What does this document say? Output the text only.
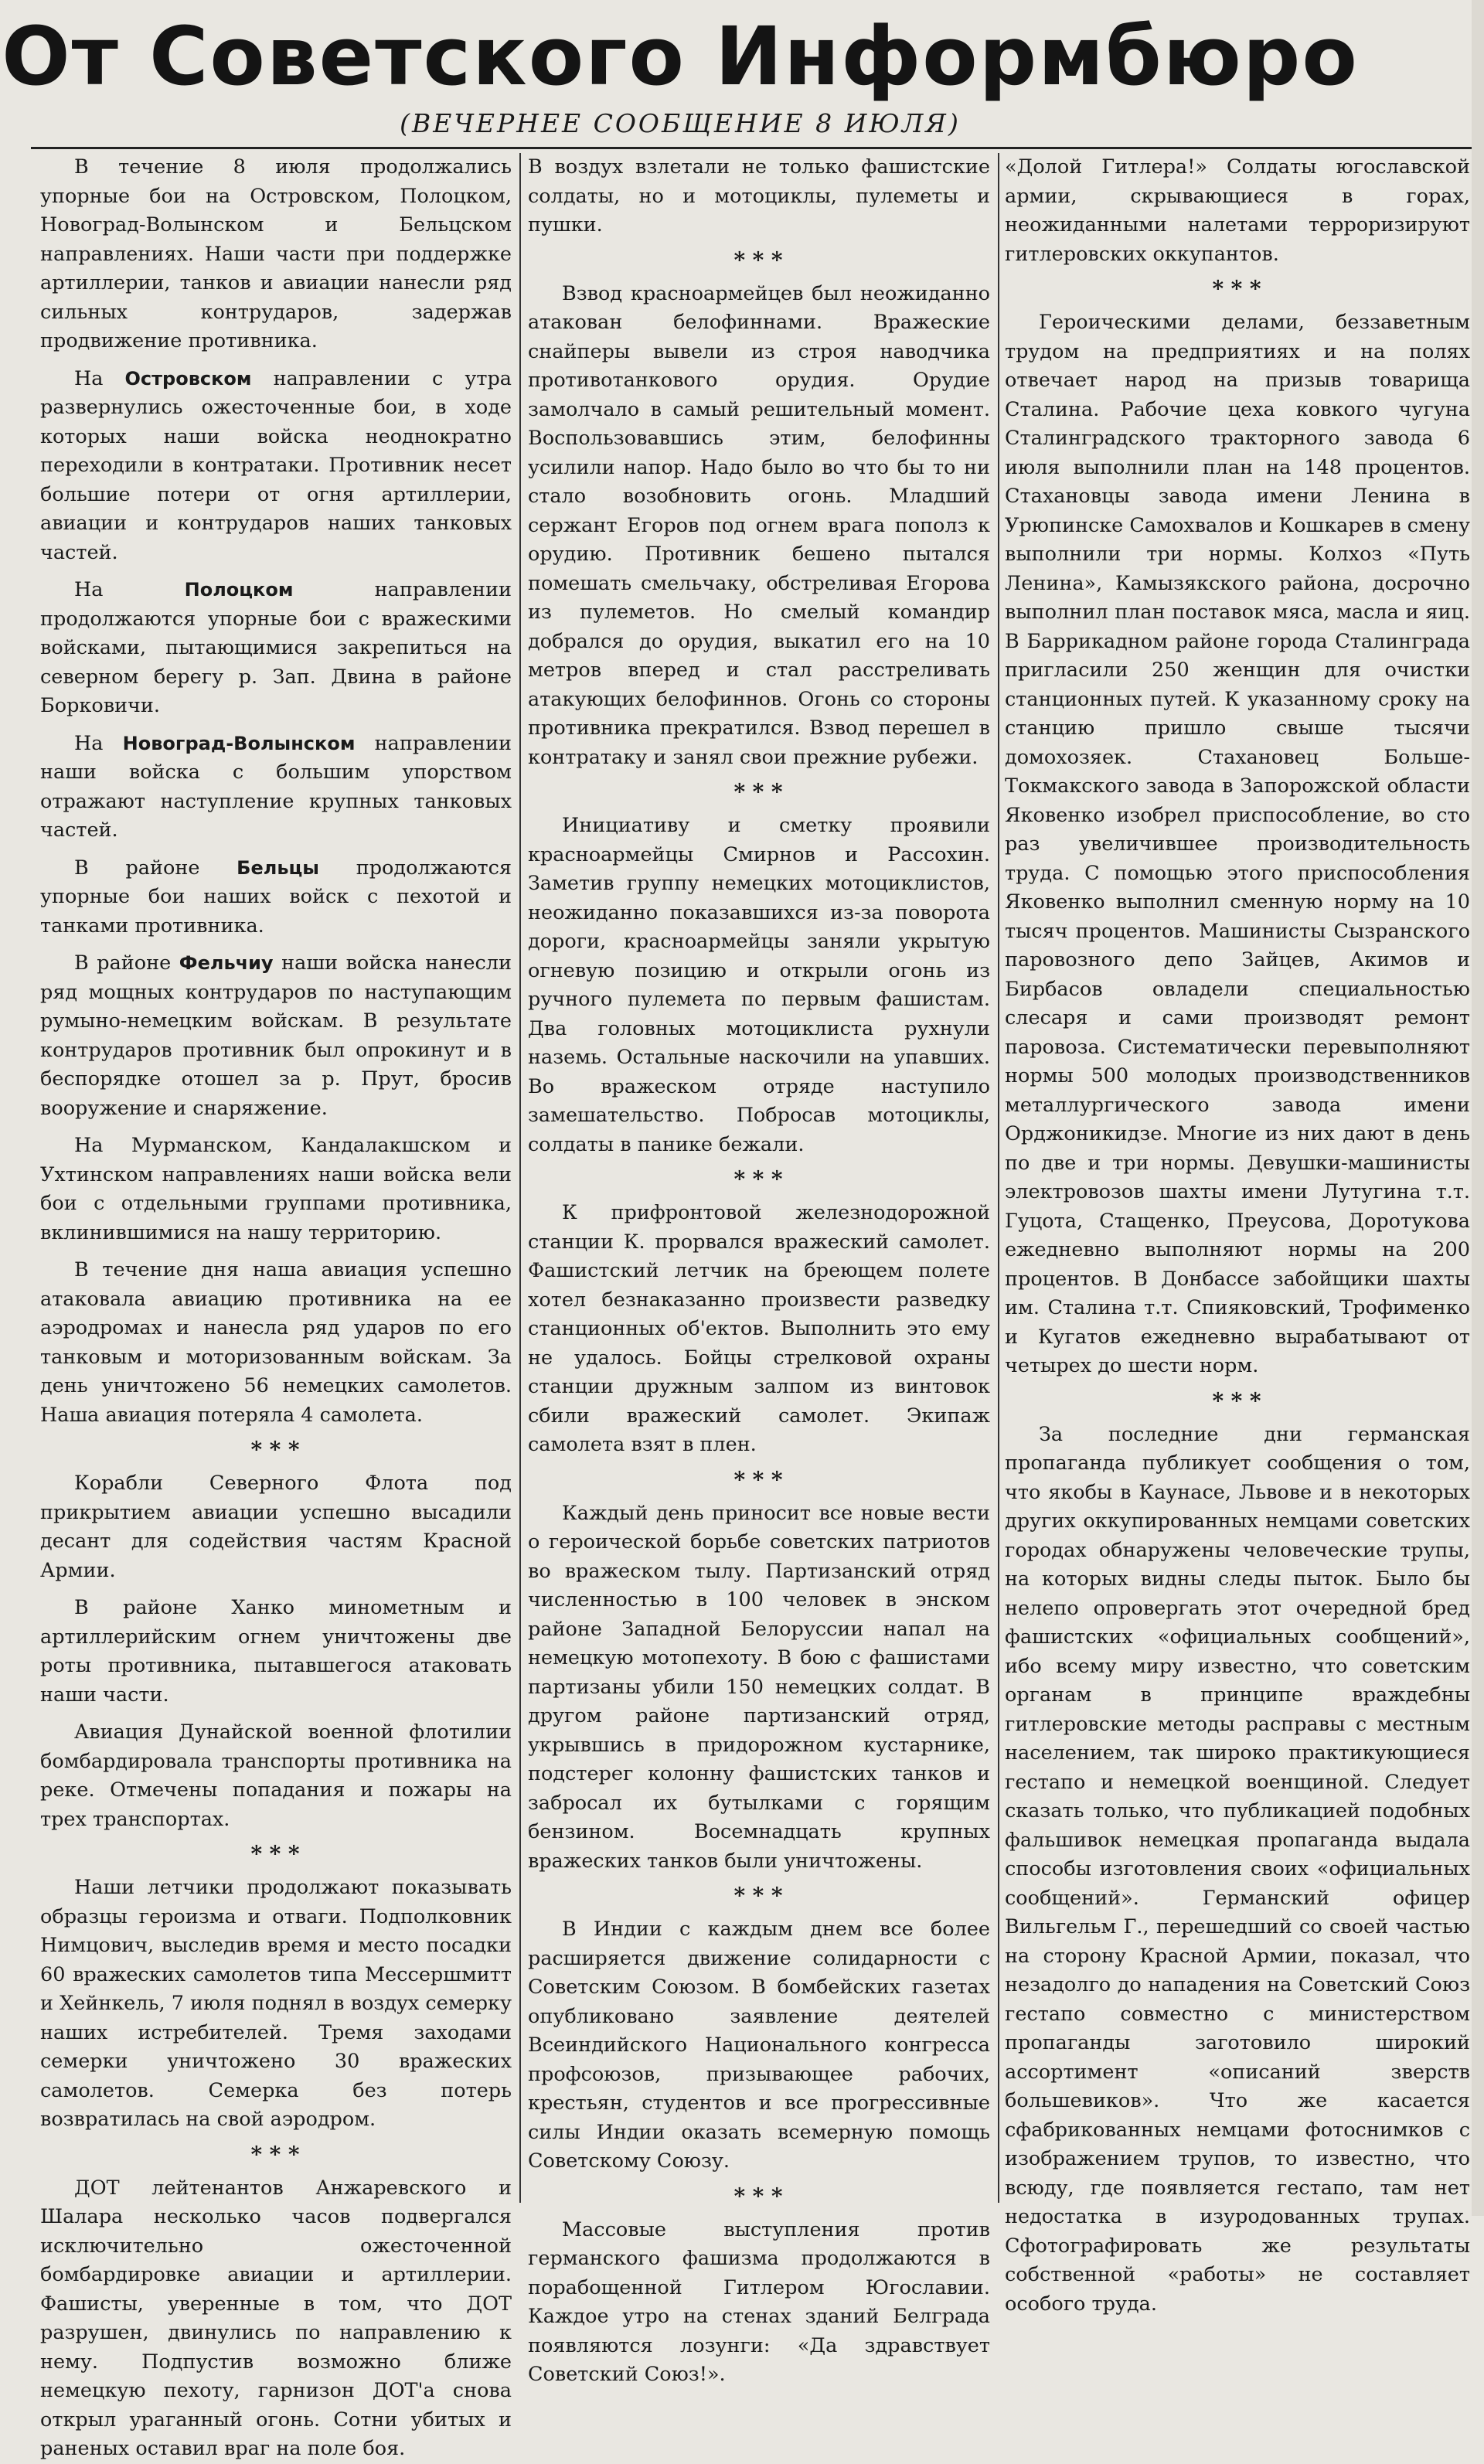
От Советского Информбюро
(ВЕЧЕРНЕЕ СООБЩЕНИЕ 8 ИЮЛЯ)

В течение 8 июля продолжались упорные бои на Островском, Полоцком, Новоград-Волынском и Бельцском направлениях. Наши части при поддержке артиллерии, танков и авиации нанесли ряд сильных контрударов, задержав продвижение противника.

На Островском направлении с утра развернулись ожесточенные бои, в ходе которых наши войска неоднократно переходили в контратаки. Противник несет большие потери от огня артиллерии, авиации и контрударов наших танковых частей.

На Полоцком направлении продолжаются упорные бои с вражескими войсками, пытающимися закрепиться на северном берегу р. Зап. Двина в районе Борковичи.

На Новоград-Волынском направлении наши войска с большим упорством отражают наступление крупных танковых частей.

В районе Бельцы продолжаются упорные бои наших войск с пехотой и танками противника.

В районе Фельчиу наши войска нанесли ряд мощных контрударов по наступающим румыно-немецким войскам. В результате контрударов противник был опрокинут и в беспорядке отошел за р. Прут, бросив вооружение и снаряжение.

На Мурманском, Кандалакшском и Ухтинском направлениях наши войска вели бои с отдельными группами противника, вклинившимися на нашу территорию.

В течение дня наша авиация успешно атаковала авиацию противника на ее аэродромах и нанесла ряд ударов по его танковым и моторизованным войскам. За день уничтожено 56 немецких самолетов. Наша авиация потеряла 4 самолета.

* * *

Корабли Северного Флота под прикрытием авиации успешно высадили десант для содействия частям Красной Армии.

В районе Ханко минометным и артиллерийским огнем уничтожены две роты противника, пытавшегося атаковать наши части.

Авиация Дунайской военной флотилии бомбардировала транспорты противника на реке. Отмечены попадания и пожары на трех транспортах.

* * *

Наши летчики продолжают показывать образцы героизма и отваги. Подполковник Нимцович, выследив время и место посадки 60 вражеских самолетов типа Мессершмитт и Хейнкель, 7 июля поднял в воздух семерку наших истребителей. Тремя заходами семерки уничтожено 30 вражеских самолетов. Семерка без потерь возвратилась на свой аэродром.

* * *

ДОТ лейтенантов Анжаревского и Шалара несколько часов подвергался исключительно ожесточенной бомбардировке авиации и артиллерии. Фашисты, уверенные в том, что ДОТ разрушен, двинулись по направлению к нему. Подпустив возможно ближе немецкую пехоту, гарнизон ДОТ'а снова открыл ураганный огонь. Сотни убитых и раненых оставил враг на поле боя.

В воздух взлетали не только фашистские солдаты, но и мотоциклы, пулеметы и пушки.

* * *

Взвод красноармейцев был неожиданно атакован белофиннами. Вражеские снайперы вывели из строя наводчика противотанкового орудия. Орудие замолчало в самый решительный момент. Воспользовавшись этим, белофинны усилили напор. Надо было во что бы то ни стало возобновить огонь. Младший сержант Егоров под огнем врага пополз к орудию. Противник бешено пытался помешать смельчаку, обстреливая Егорова из пулеметов. Но смелый командир добрался до орудия, выкатил его на 10 метров вперед и стал расстреливать атакующих белофиннов. Огонь со стороны противника прекратился. Взвод перешел в контратаку и занял свои прежние рубежи.

* * *

Инициативу и сметку проявили красноармейцы Смирнов и Рассохин. Заметив группу немецких мотоциклистов, неожиданно показавшихся из-за поворота дороги, красноармейцы заняли укрытую огневую позицию и открыли огонь из ручного пулемета по первым фашистам. Два головных мотоциклиста рухнули наземь. Остальные наскочили на упавших. Во вражеском отряде наступило замешательство. Побросав мотоциклы, солдаты в панике бежали.

* * *

К прифронтовой железнодорожной станции К. прорвался вражеский самолет. Фашистский летчик на бреющем полете хотел безнаказанно произвести разведку станционных об'ектов. Выполнить это ему не удалось. Бойцы стрелковой охраны станции дружным залпом из винтовок сбили вражеский самолет. Экипаж самолета взят в плен.

* * *

Каждый день приносит все новые вести о героической борьбе советских патриотов во вражеском тылу. Партизанский отряд численностью в 100 человек в энском районе Западной Белоруссии напал на немецкую мотопехоту. В бою с фашистами партизаны убили 150 немецких солдат. В другом районе партизанский отряд, укрывшись в придорожном кустарнике, подстерег колонну фашистских танков и забросал их бутылками с горящим бензином. Восемнадцать крупных вражеских танков были уничтожены.

* * *

В Индии с каждым днем все более расширяется движение солидарности с Советским Союзом. В бомбейских газетах опубликовано заявление деятелей Всеиндийского Национального конгресса профсоюзов, призывающее рабочих, крестьян, студентов и все прогрессивные силы Индии оказать всемерную помощь Советскому Союзу.

* * *

Массовые выступления против германского фашизма продолжаются в порабощенной Гитлером Югославии. Каждое утро на стенах зданий Белграда появляются лозунги: «Да здравствует Советский Союз!».

«Долой Гитлера!» Солдаты югославской армии, скрывающиеся в горах, неожиданными налетами терроризируют гитлеровских оккупантов.

* * *

Героическими делами, беззаветным трудом на предприятиях и на полях отвечает народ на призыв товарища Сталина. Рабочие цеха ковкого чугуна Сталинградского тракторного завода 6 июля выполнили план на 148 процентов. Стахановцы завода имени Ленина в Урюпинске Самохвалов и Кошкарев в смену выполнили три нормы. Колхоз «Путь Ленина», Камызякского района, досрочно выполнил план поставок мяса, масла и яиц. В Баррикадном районе города Сталинграда пригласили 250 женщин для очистки станционных путей. К указанному сроку на станцию пришло свыше тысячи домохозяек. Стахановец Больше-Токмакского завода в Запорожской области Яковенко изобрел приспособление, во сто раз увеличившее производительность труда. С помощью этого приспособления Яковенко выполнил сменную норму на 10 тысяч процентов. Машинисты Сызранского паровозного депо Зайцев, Акимов и Бирбасов овладели специальностью слесаря и сами производят ремонт паровоза. Систематически перевыполняют нормы 500 молодых производственников металлургического завода имени Орджоникидзе. Многие из них дают в день по две и три нормы. Девушки-машинисты электровозов шахты имени Лутугина т.т. Гуцота, Стащенко, Преусова, Доротукова ежедневно выполняют нормы на 200 процентов. В Донбассе забойщики шахты им. Сталина т.т. Спияковский, Трофименко и Кугатов ежедневно вырабатывают от четырех до шести норм.

* * *

За последние дни германская пропаганда публикует сообщения о том, что якобы в Каунасе, Львове и в некоторых других оккупированных немцами советских городах обнаружены человеческие трупы, на которых видны следы пыток. Было бы нелепо опровергать этот очередной бред фашистских «официальных сообщений», ибо всему миру известно, что советским органам в принципе враждебны гитлеровские методы расправы с местным населением, так широко практикующиеся гестапо и немецкой военщиной. Следует сказать только, что публикацией подобных фальшивок немецкая пропаганда выдала способы изготовления своих «официальных сообщений». Германский офицер Вильгельм Г., перешедший со своей частью на сторону Красной Армии, показал, что незадолго до нападения на Советский Союз гестапо совместно с министерством пропаганды заготовило широкий ассортимент «описаний зверств большевиков». Что же касается сфабрикованных немцами фотоснимков с изображением трупов, то известно, что всюду, где появляется гестапо, там нет недостатка в изуродованных трупах. Сфотографировать же результаты собственной «работы» не составляет особого труда.
